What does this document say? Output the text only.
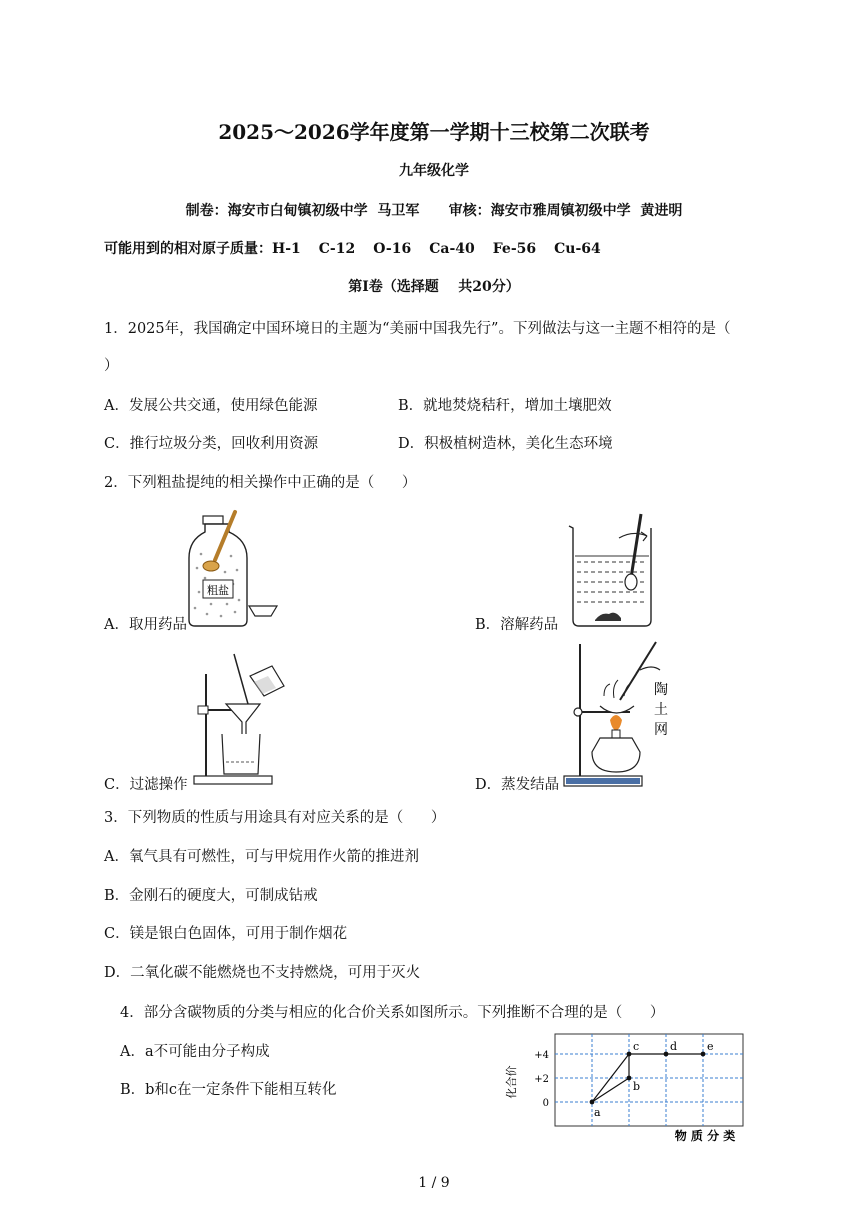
2025～2026学年度第一学期十三校第二次联考
九年级化学
制卷：海安市白甸镇初级中学  马卫军      审核：海安市雅周镇初级中学  黄进明
可能用到的相对原子质量：H-1 C-12 O-16 Ca-40 Fe-56 Cu-64
第Ⅰ卷（选择题    共20分）
1．2025年，我国确定中国环境日的主题为“美丽中国我先行”。下列做法与这一主题不相符的是（
）
A．发展公共交通，使用绿色能源	B．就地焚烧秸秆，增加土壤肥效
C．推行垃圾分类，回收利用资源	D．积极植树造林，美化生态环境
2．下列粗盐提纯的相关操作中正确的是（      ）
A．取用药品	B．溶解药品
C．过滤操作	D．蒸发结晶
粗盐
陶
土
网
3．下列物质的性质与用途具有对应关系的是（      ）
A．氧气具有可燃性，可与甲烷用作火箭的推进剂
B．金刚石的硬度大，可制成钻戒
C．镁是银白色固体，可用于制作烟花
D．二氧化碳不能燃烧也不支持燃烧，可用于灭火
4．部分含碳物质的分类与相应的化合价关系如图所示。下列推断不合理的是（      ）
A．a不可能由分子构成
B．b和c在一定条件下能相互转化
a
b
c	d	e
0
+2
+4
化合价
物 质 分 类
1 / 9
